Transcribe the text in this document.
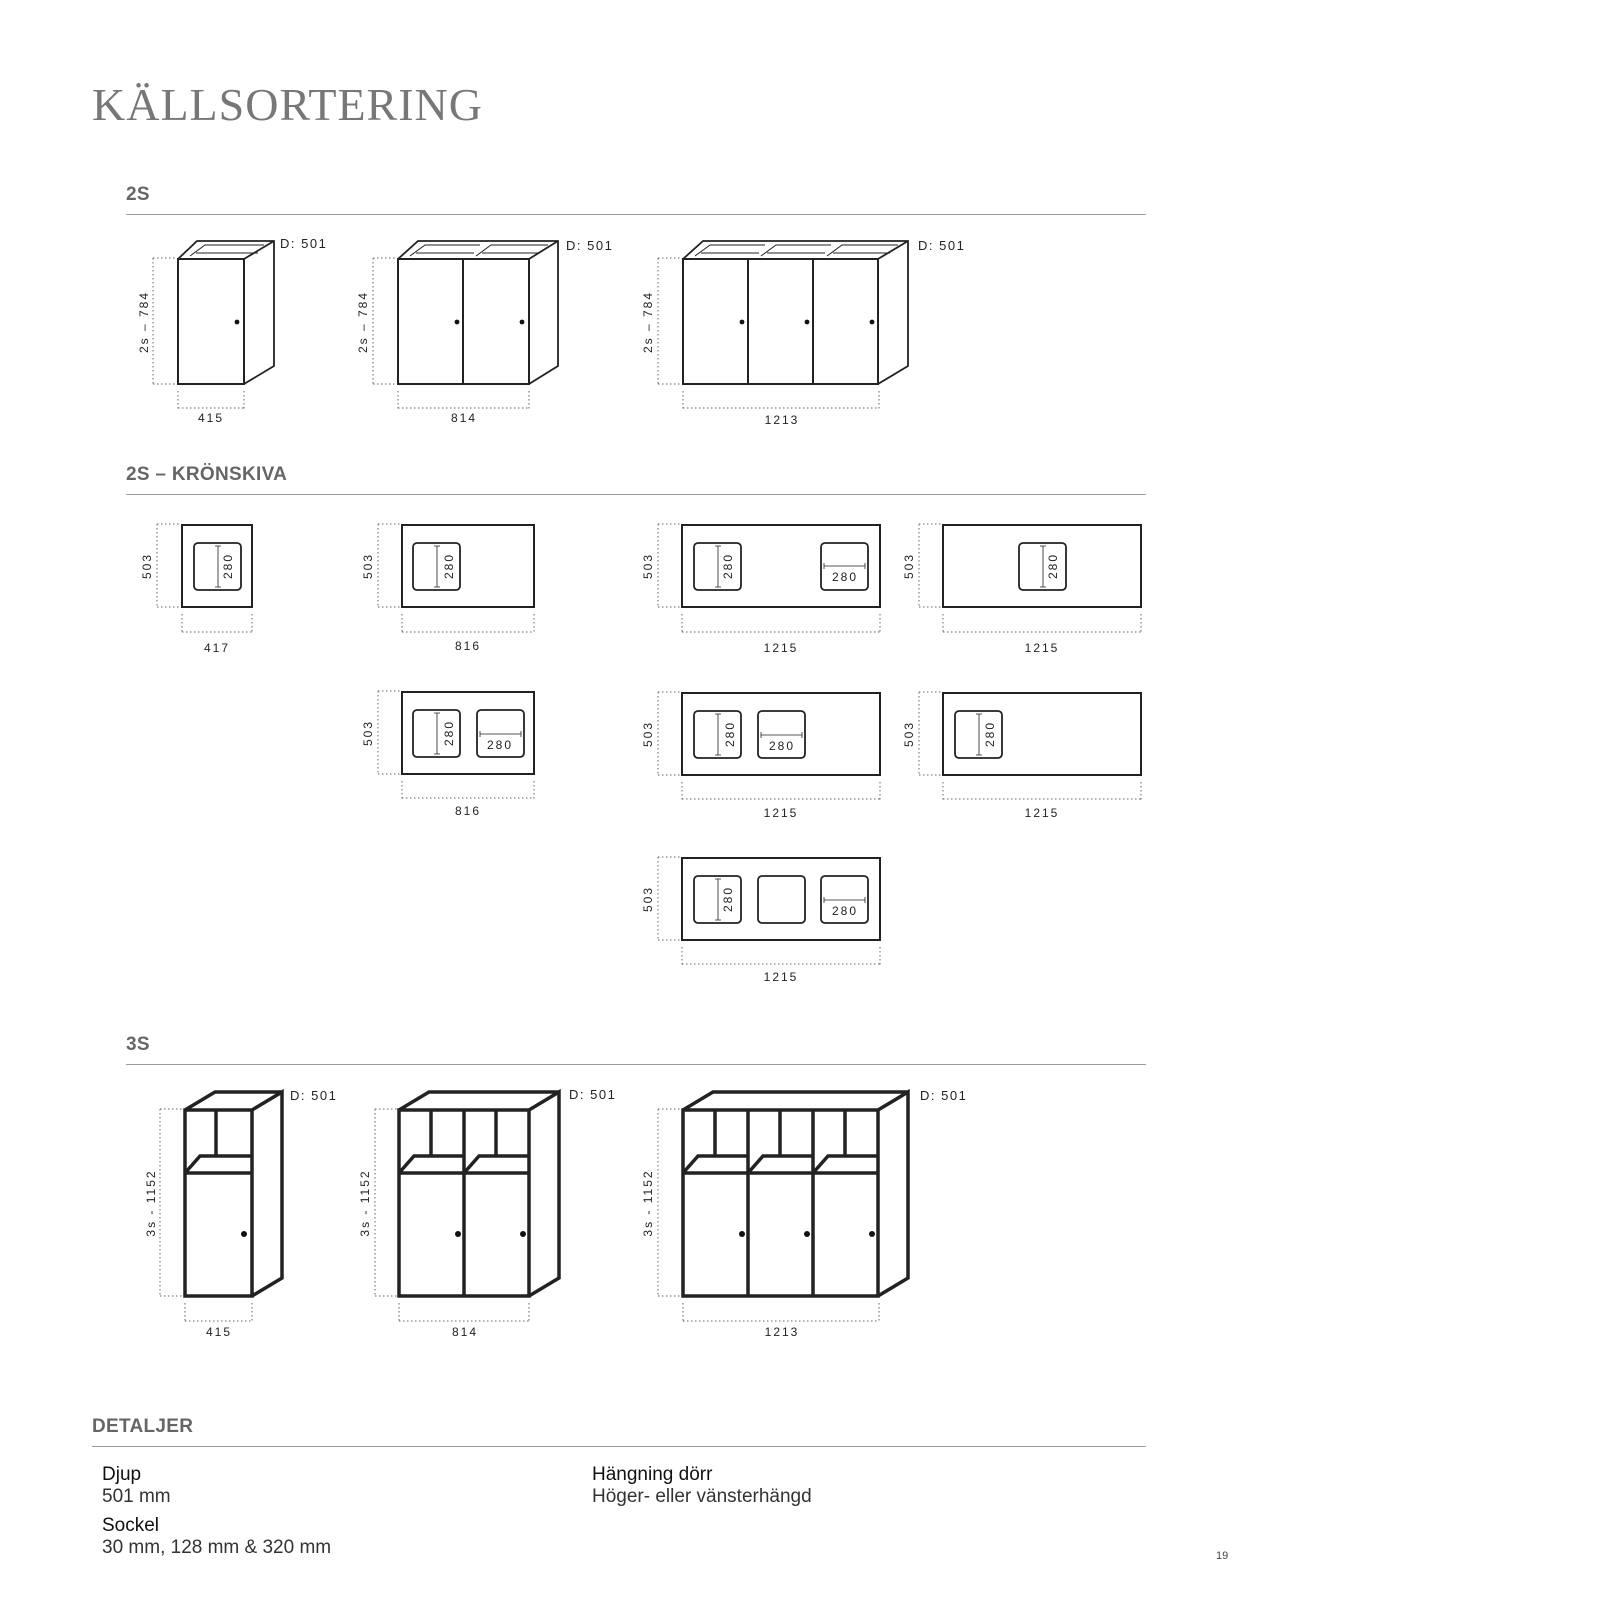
KÄLLSORTERING
2S
2S – KRÖNSKIVA
3S
DETALJER
D: 501
2s – 784
415
D: 501
2s – 784
814
D: 501
2s – 784
1213
503	280
417
503	280
816
503	280	280
1215
503	280
1215
503	280	280
816
503	280	280
1215
503	280
1215
503	280	280
1215
D: 501
3s - 1152
415
D: 501
3s - 1152
814
D: 501
3s - 1152
1213
Djup
501 mm
Sockel
30 mm, 128 mm & 320 mm
Hängning dörr
Höger- eller vänsterhängd
19
